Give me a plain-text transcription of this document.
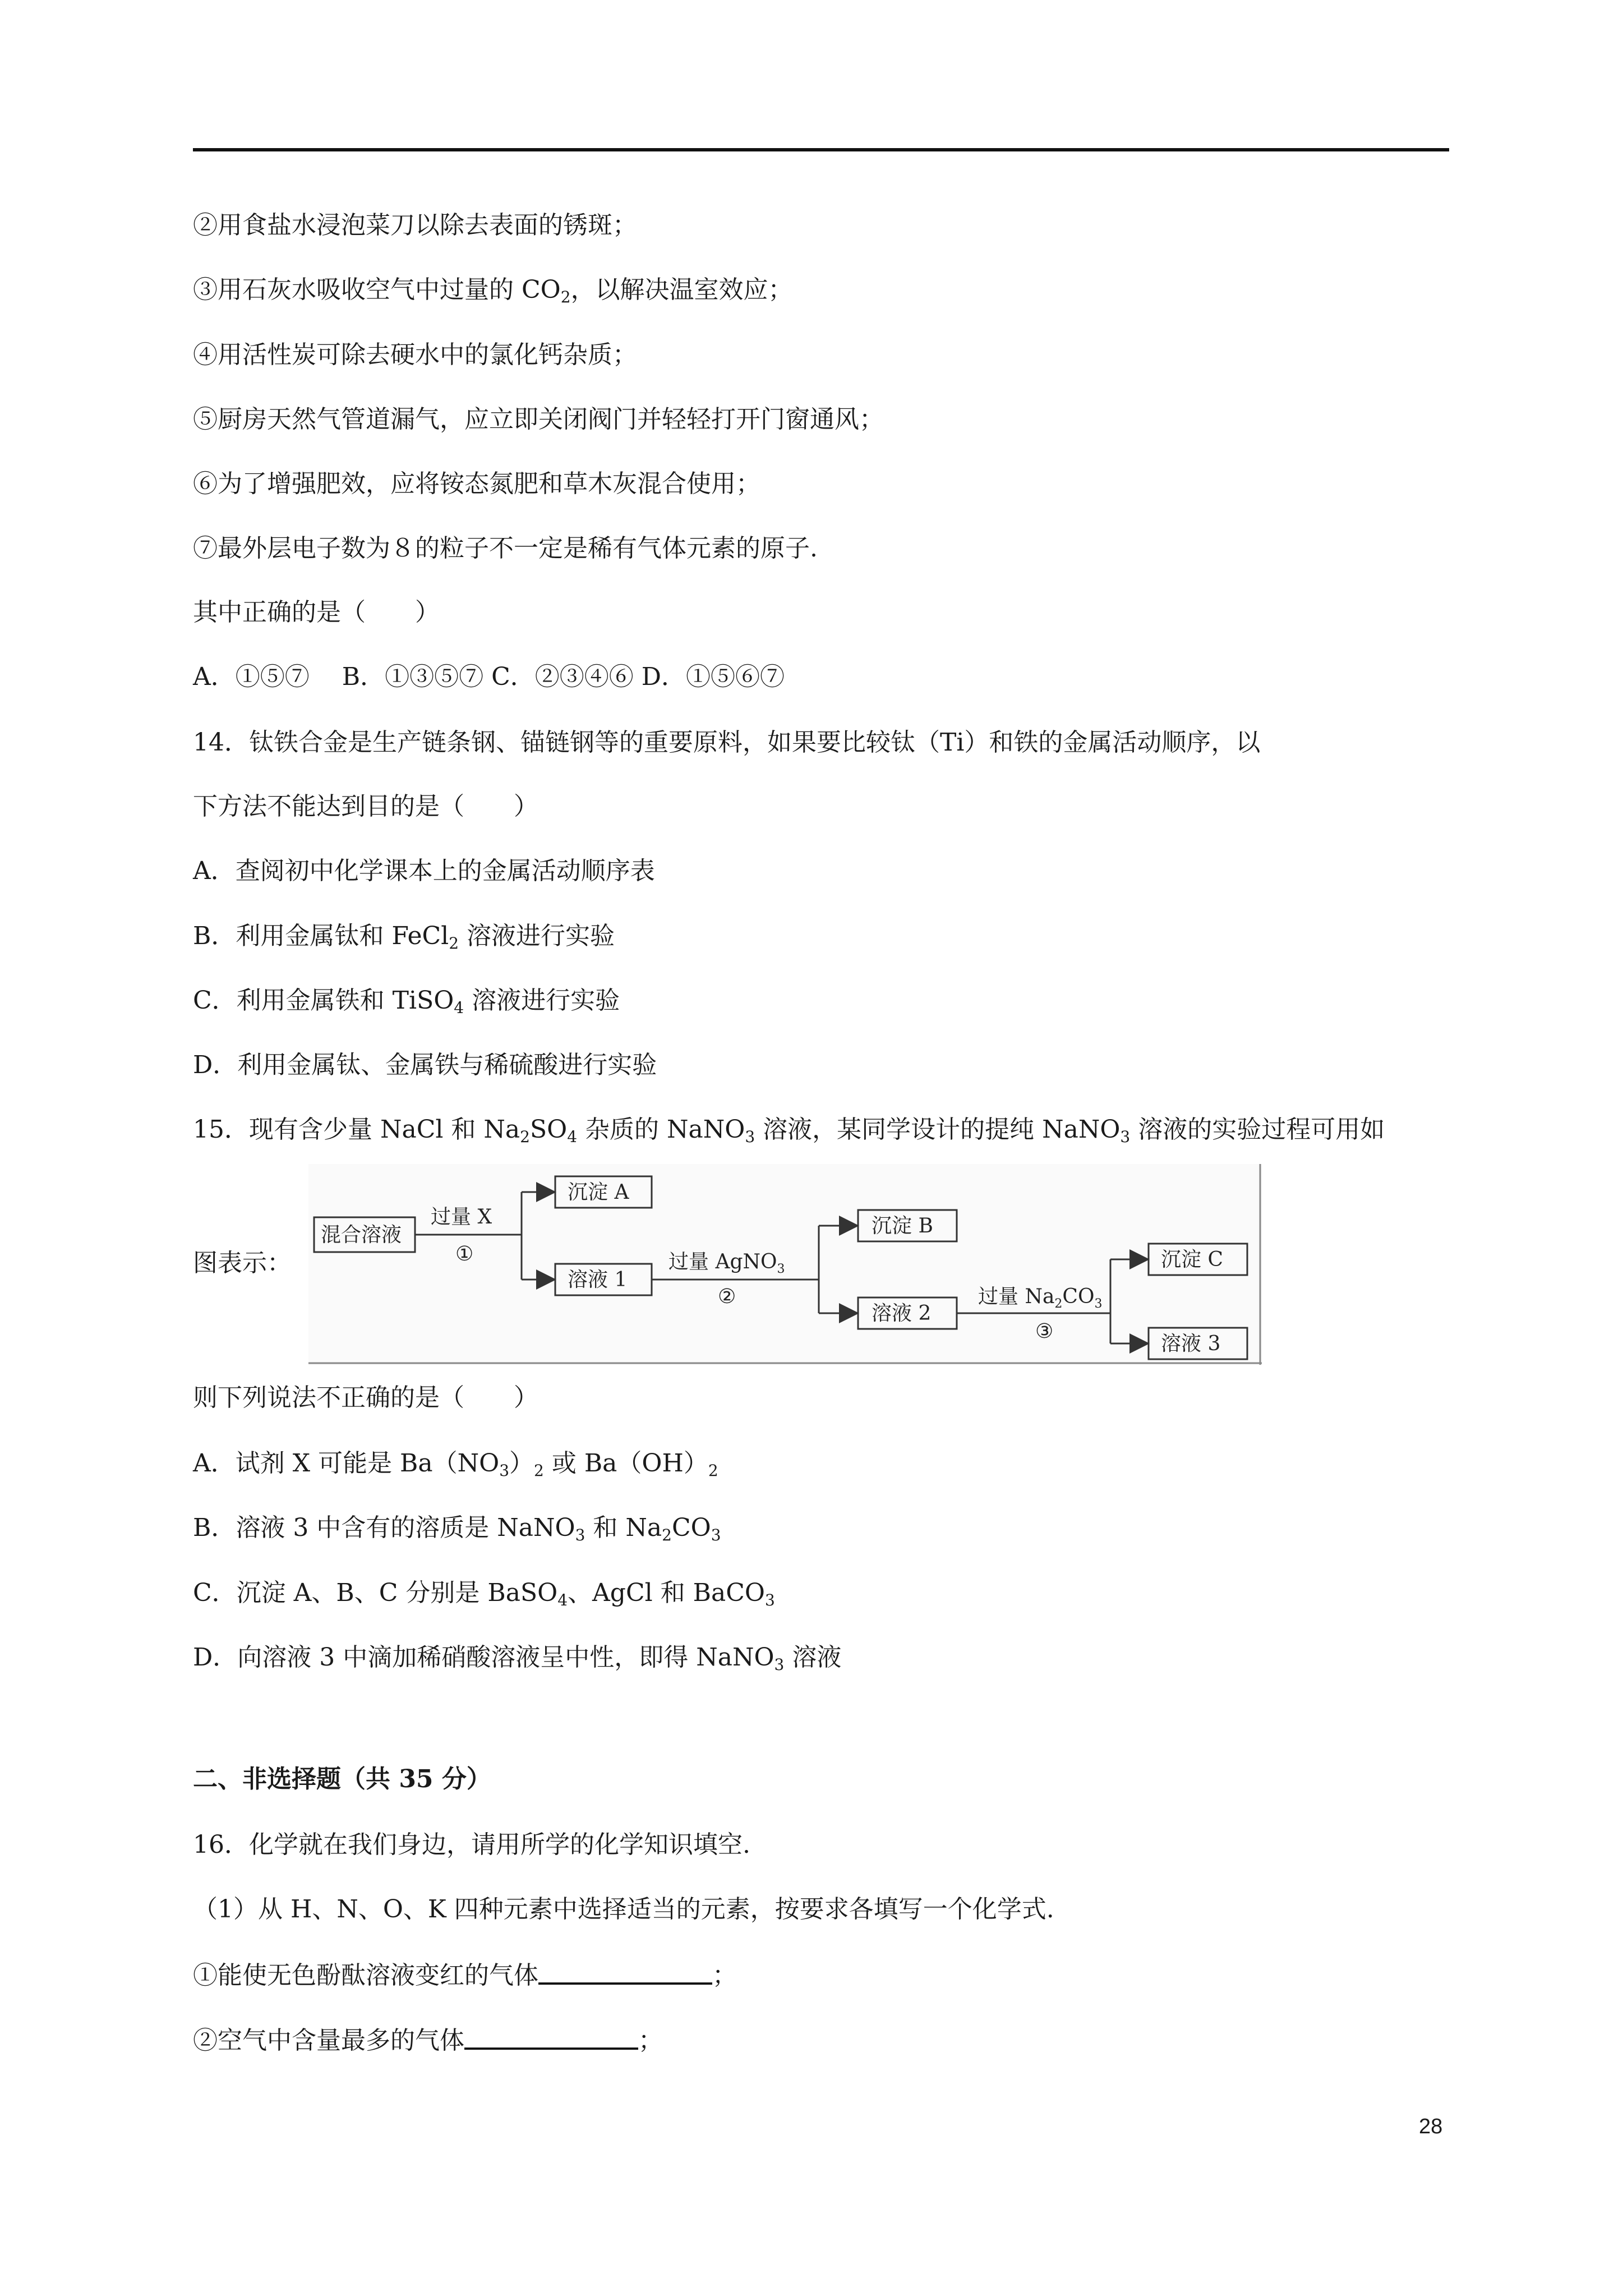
②用食盐水浸泡菜刀以除去表面的锈斑；
③用石灰水吸收空气中过量的 $CO_2$，以解决温室效应；
④用活性炭可除去硬水中的氯化钙杂质；
⑤厨房天然气管道漏气，应立即关闭阀门并轻轻打开门窗通风；
⑥为了增强肥效，应将铵态氮肥和草木灰混合使用；
⑦最外层电子数为８的粒子不一定是稀有气体元素的原子.
其中正确的是（　　）
A．①⑤⑦　 B．①③⑤⑦ C．②③④⑥ D．①⑤⑥⑦
14．钛铁合金是生产链条钢、锚链钢等的重要原料，如果要比较钛（Ti）和铁的金属活动顺序，以
下方法不能达到目的是（　　）
A．查阅初中化学课本上的金属活动顺序表
B．利用金属钛和 FeCl$_2$ 溶液进行实验
C．利用金属铁和 TiSO$_4$ 溶液进行实验
D．利用金属钛、金属铁与稀硫酸进行实验
15．现有含少量 NaCl 和 $Na_2SO_4$ 杂质的 NaNO$_3$ 溶液，某同学设计的提纯 NaNO$_3$ 溶液的实验过程可用如
图表示：
混合溶液
过量 X
①
沉淀 A
溶液 1
过量 AgNO$_3$
②
沉淀 B
溶液 2
过量 $Na_2CO_3$
③
沉淀 C
溶液 3
则下列说法不正确的是（　　）
A．试剂 X 可能是 $Ba(NO_3)_2$ 或 $Ba(OH)_2$
B．溶液 3 中含有的溶质是 NaNO$_3$ 和 $Na_2CO_3$
C．沉淀 A、B、C 分别是 BaSO$_4$、AgCl 和 BaCO$_3$
D．向溶液 3 中滴加稀硝酸溶液呈中性，即得 NaNO$_3$ 溶液
二、非选择题（共 35 分）
16．化学就在我们身边，请用所学的化学知识填空.
（1）从 H、N、O、K 四种元素中选择适当的元素，按要求各填写一个化学式.
①能使无色酚酞溶液变红的气体	；
②空气中含量最多的气体	；
28
